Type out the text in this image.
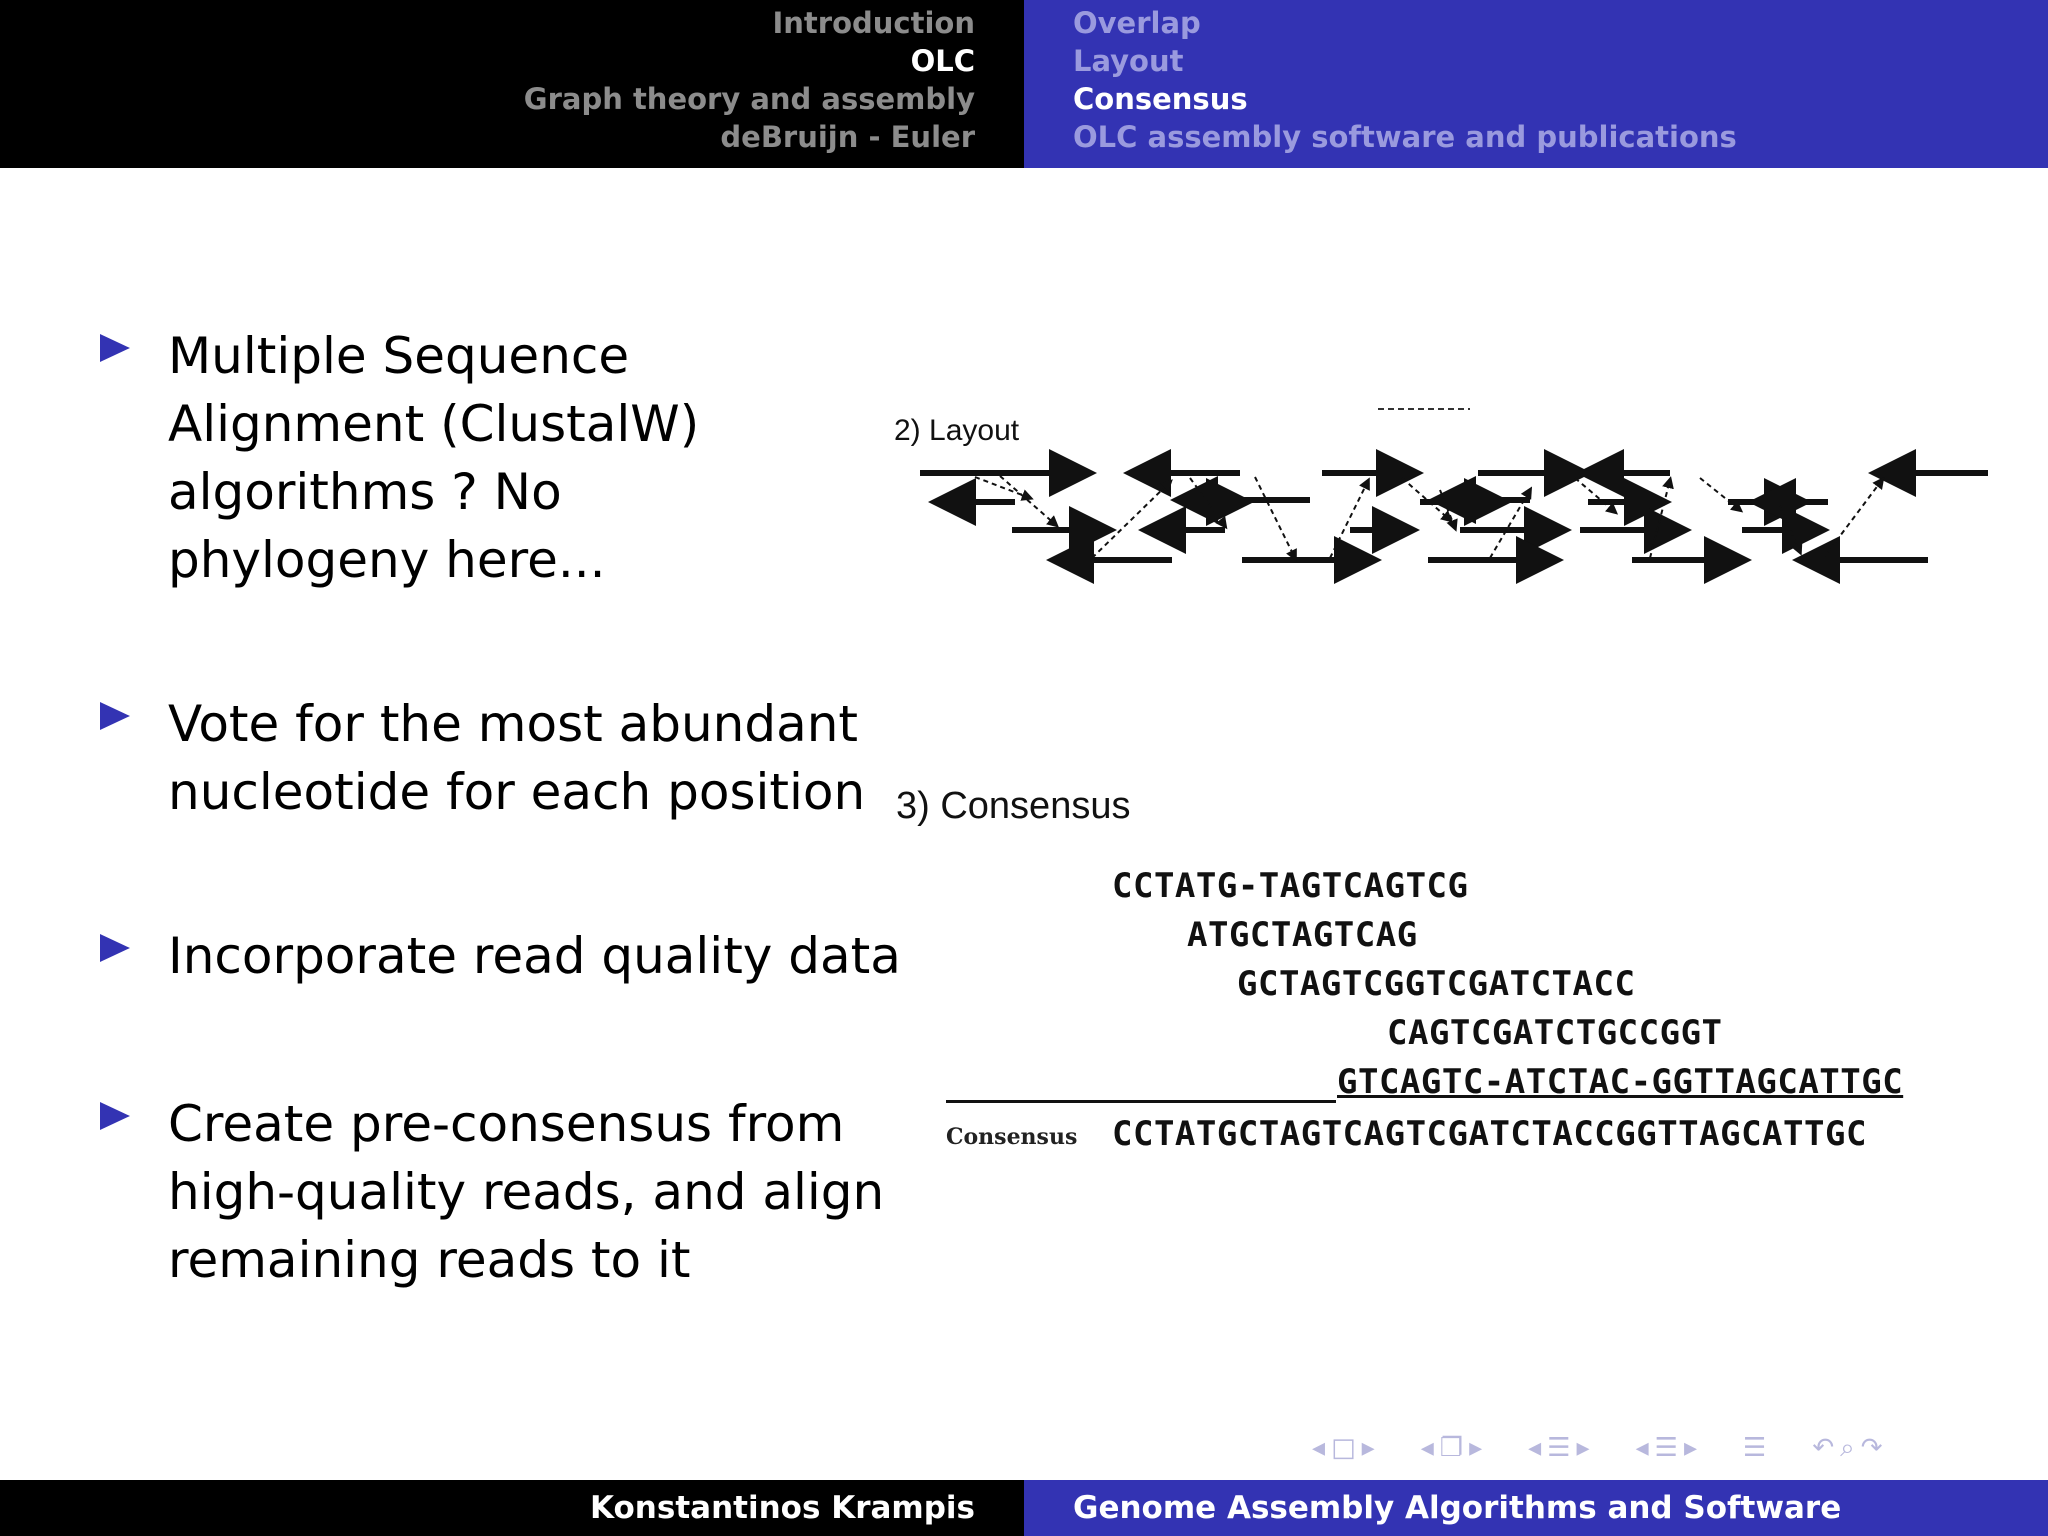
Introduction
OLC
Graph theory and assembly
deBruijn - Euler
Overlap
Layout
Consensus
OLC assembly software and publications
Multiple Sequence
Alignment (ClustalW)
algorithms ? No
phylogeny here...
Vote for the most abundant
nucleotide for each position
Incorporate read quality data
Create pre-consensus from
high-quality reads, and align
remaining reads to it
2) Layout
3) Consensus
CCTATG-TAGTCAGTCG
ATGCTAGTCAG
GCTAGTCGGTCGATCTACC
CAGTCGATCTGCCGGT
GTCAGTC-ATCTAC-GGTTAGCATTGC
Consensus CCTATGCTAGTCAGTCGATCTACCGGTTAGCATTGC
◂ □ ▸ ◂ ❐ ▸ ◂ ☰ ▸ ◂ ☰ ▸ ☰ ↶ ⌕ ↷
Konstantinos Krampis	Genome Assembly Algorithms and Software
